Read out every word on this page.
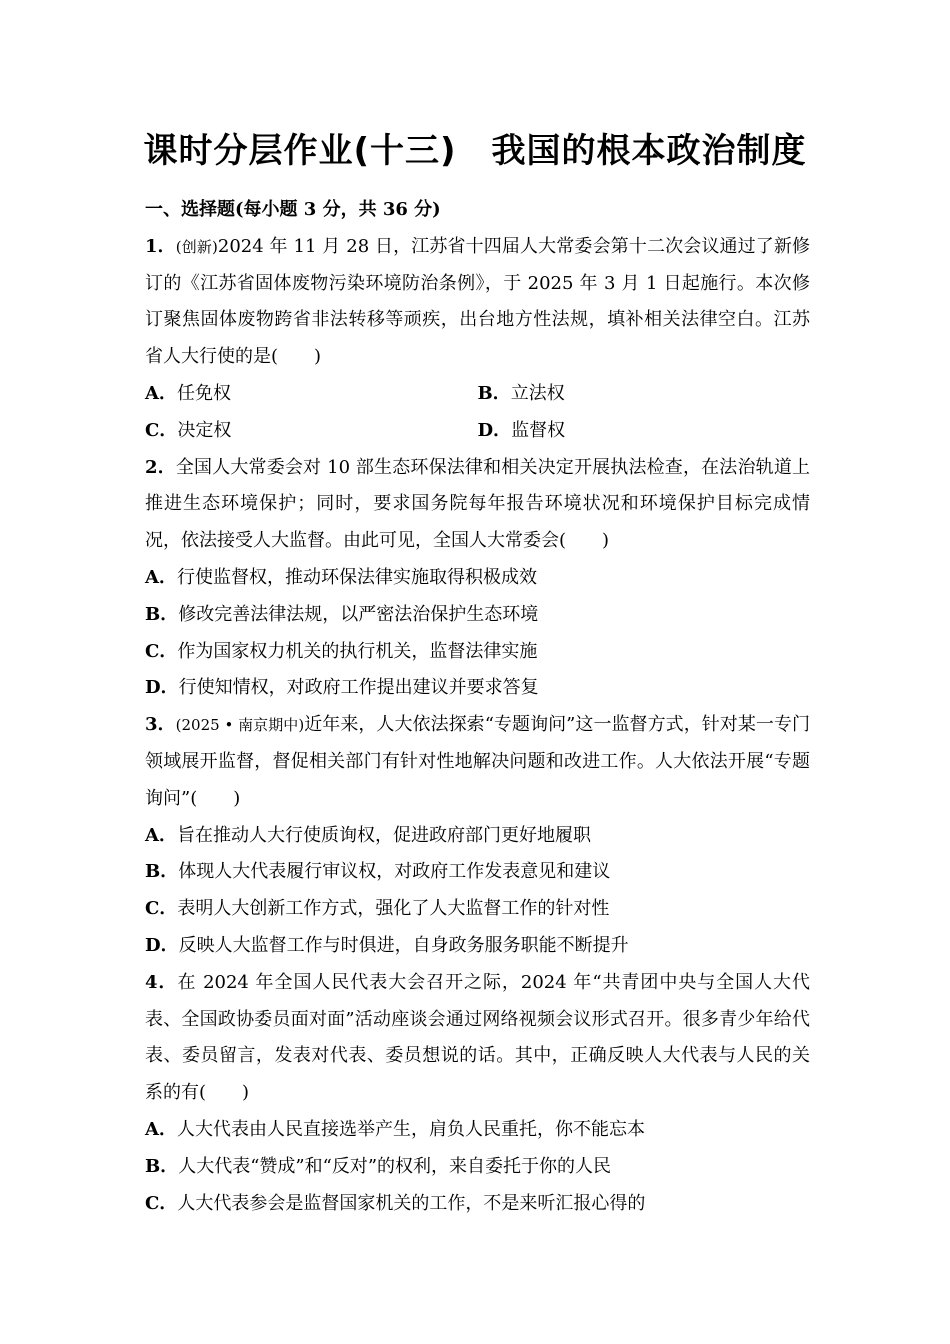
课时分层作业(十三)　我国的根本政治制度

一、选择题(每小题 3 分，共 36 分)

1．(创新)2024 年 11 月 28 日，江苏省十四届人大常委会第十二次会议通过了新修订的《江苏省固体废物污染环境防治条例》，于 2025 年 3 月 1 日起施行。本次修订聚焦固体废物跨省非法转移等顽疾，出台地方性法规，填补相关法律空白。江苏省人大行使的是(　　)

A．任免权	B．立法权

C．决定权	D．监督权

2．全国人大常委会对 10 部生态环保法律和相关决定开展执法检查，在法治轨道上推进生态环境保护；同时，要求国务院每年报告环境状况和环境保护目标完成情况，依法接受人大监督。由此可见，全国人大常委会(　　)

A．行使监督权，推动环保法律实施取得积极成效

B．修改完善法律法规，以严密法治保护生态环境

C．作为国家权力机关的执行机关，监督法律实施

D．行使知情权，对政府工作提出建议并要求答复

3．(2025 • 南京期中)近年来，人大依法探索“专题询问”这一监督方式，针对某一专门领域展开监督，督促相关部门有针对性地解决问题和改进工作。人大依法开展“专题询问”(　　)

A．旨在推动人大行使质询权，促进政府部门更好地履职

B．体现人大代表履行审议权，对政府工作发表意见和建议

C．表明人大创新工作方式，强化了人大监督工作的针对性

D．反映人大监督工作与时俱进，自身政务服务职能不断提升

4．在 2024 年全国人民代表大会召开之际，2024 年“共青团中央与全国人大代表、全国政协委员面对面”活动座谈会通过网络视频会议形式召开。很多青少年给代表、委员留言，发表对代表、委员想说的话。其中，正确反映人大代表与人民的关系的有(　　)

A．人大代表由人民直接选举产生，肩负人民重托，你不能忘本

B．人大代表“赞成”和“反对”的权利，来自委托于你的人民

C．人大代表参会是监督国家机关的工作，不是来听汇报心得的
